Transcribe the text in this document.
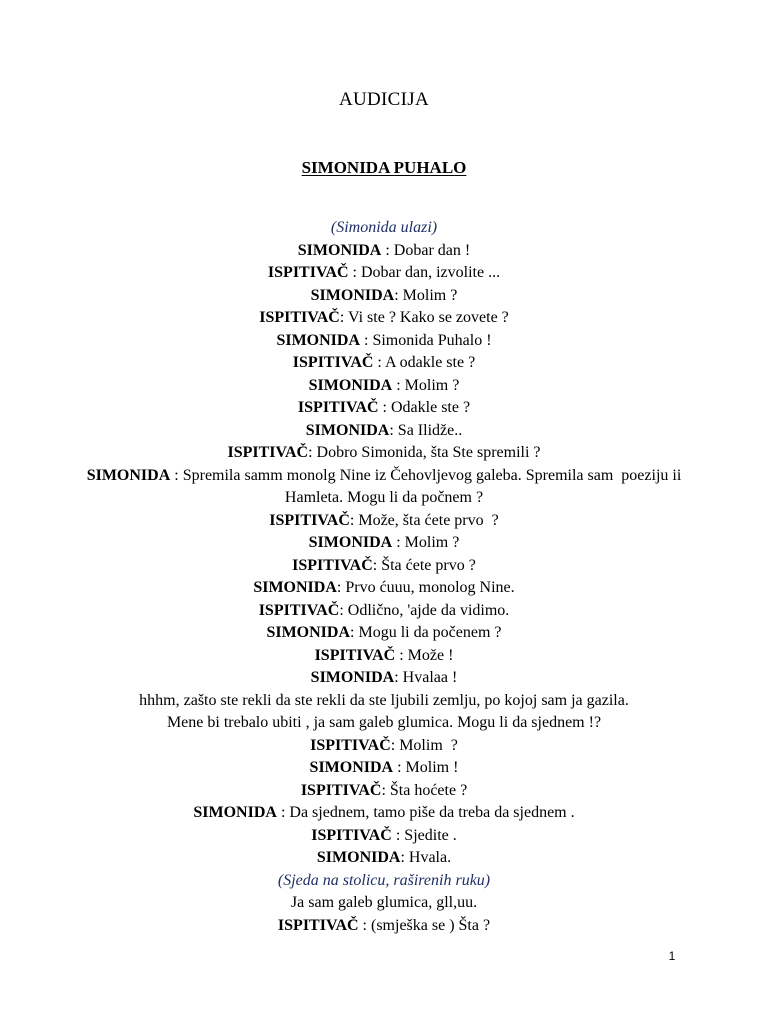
AUDICIJA
SIMONIDA PUHALO
(Simonida ulazi)
SIMONIDA : Dobar dan !
ISPITIVAČ : Dobar dan, izvolite ...
SIMONIDA: Molim ?
ISPITIVAČ: Vi ste ? Kako se zovete ?
SIMONIDA : Simonida Puhalo !
ISPITIVAČ : A odakle ste ?
SIMONIDA : Molim ?
ISPITIVAČ : Odakle ste ?
SIMONIDA: Sa Ilidže..
ISPITIVAČ: Dobro Simonida, šta Ste spremili ?
SIMONIDA : Spremila samm monolg Nine iz Čehovljevog galeba. Spremila sam  poeziju ii Hamleta. Mogu li da počnem ?
ISPITIVAČ: Može, šta ćete prvo  ?
SIMONIDA : Molim ?
ISPITIVAČ: Šta ćete prvo ?
SIMONIDA: Prvo ćuuu, monolog Nine.
ISPITIVAČ: Odlično, 'ajde da vidimo.
SIMONIDA: Mogu li da počenem ?
ISPITIVAČ : Može !
SIMONIDA: Hvalaa !
hhhm, zašto ste rekli da ste rekli da ste ljubili zemlju, po kojoj sam ja gazila.
Mene bi trebalo ubiti , ja sam galeb glumica. Mogu li da sjednem !?
ISPITIVAČ: Molim  ?
SIMONIDA : Molim !
ISPITIVAČ: Šta hoćete ?
SIMONIDA : Da sjednem, tamo piše da treba da sjednem .
ISPITIVAČ : Sjedite .
SIMONIDA: Hvala.
(Sjeda na stolicu, raširenih ruku)
Ja sam galeb glumica, gll,uu.
ISPITIVAČ : (smješka se ) Šta ?
1
